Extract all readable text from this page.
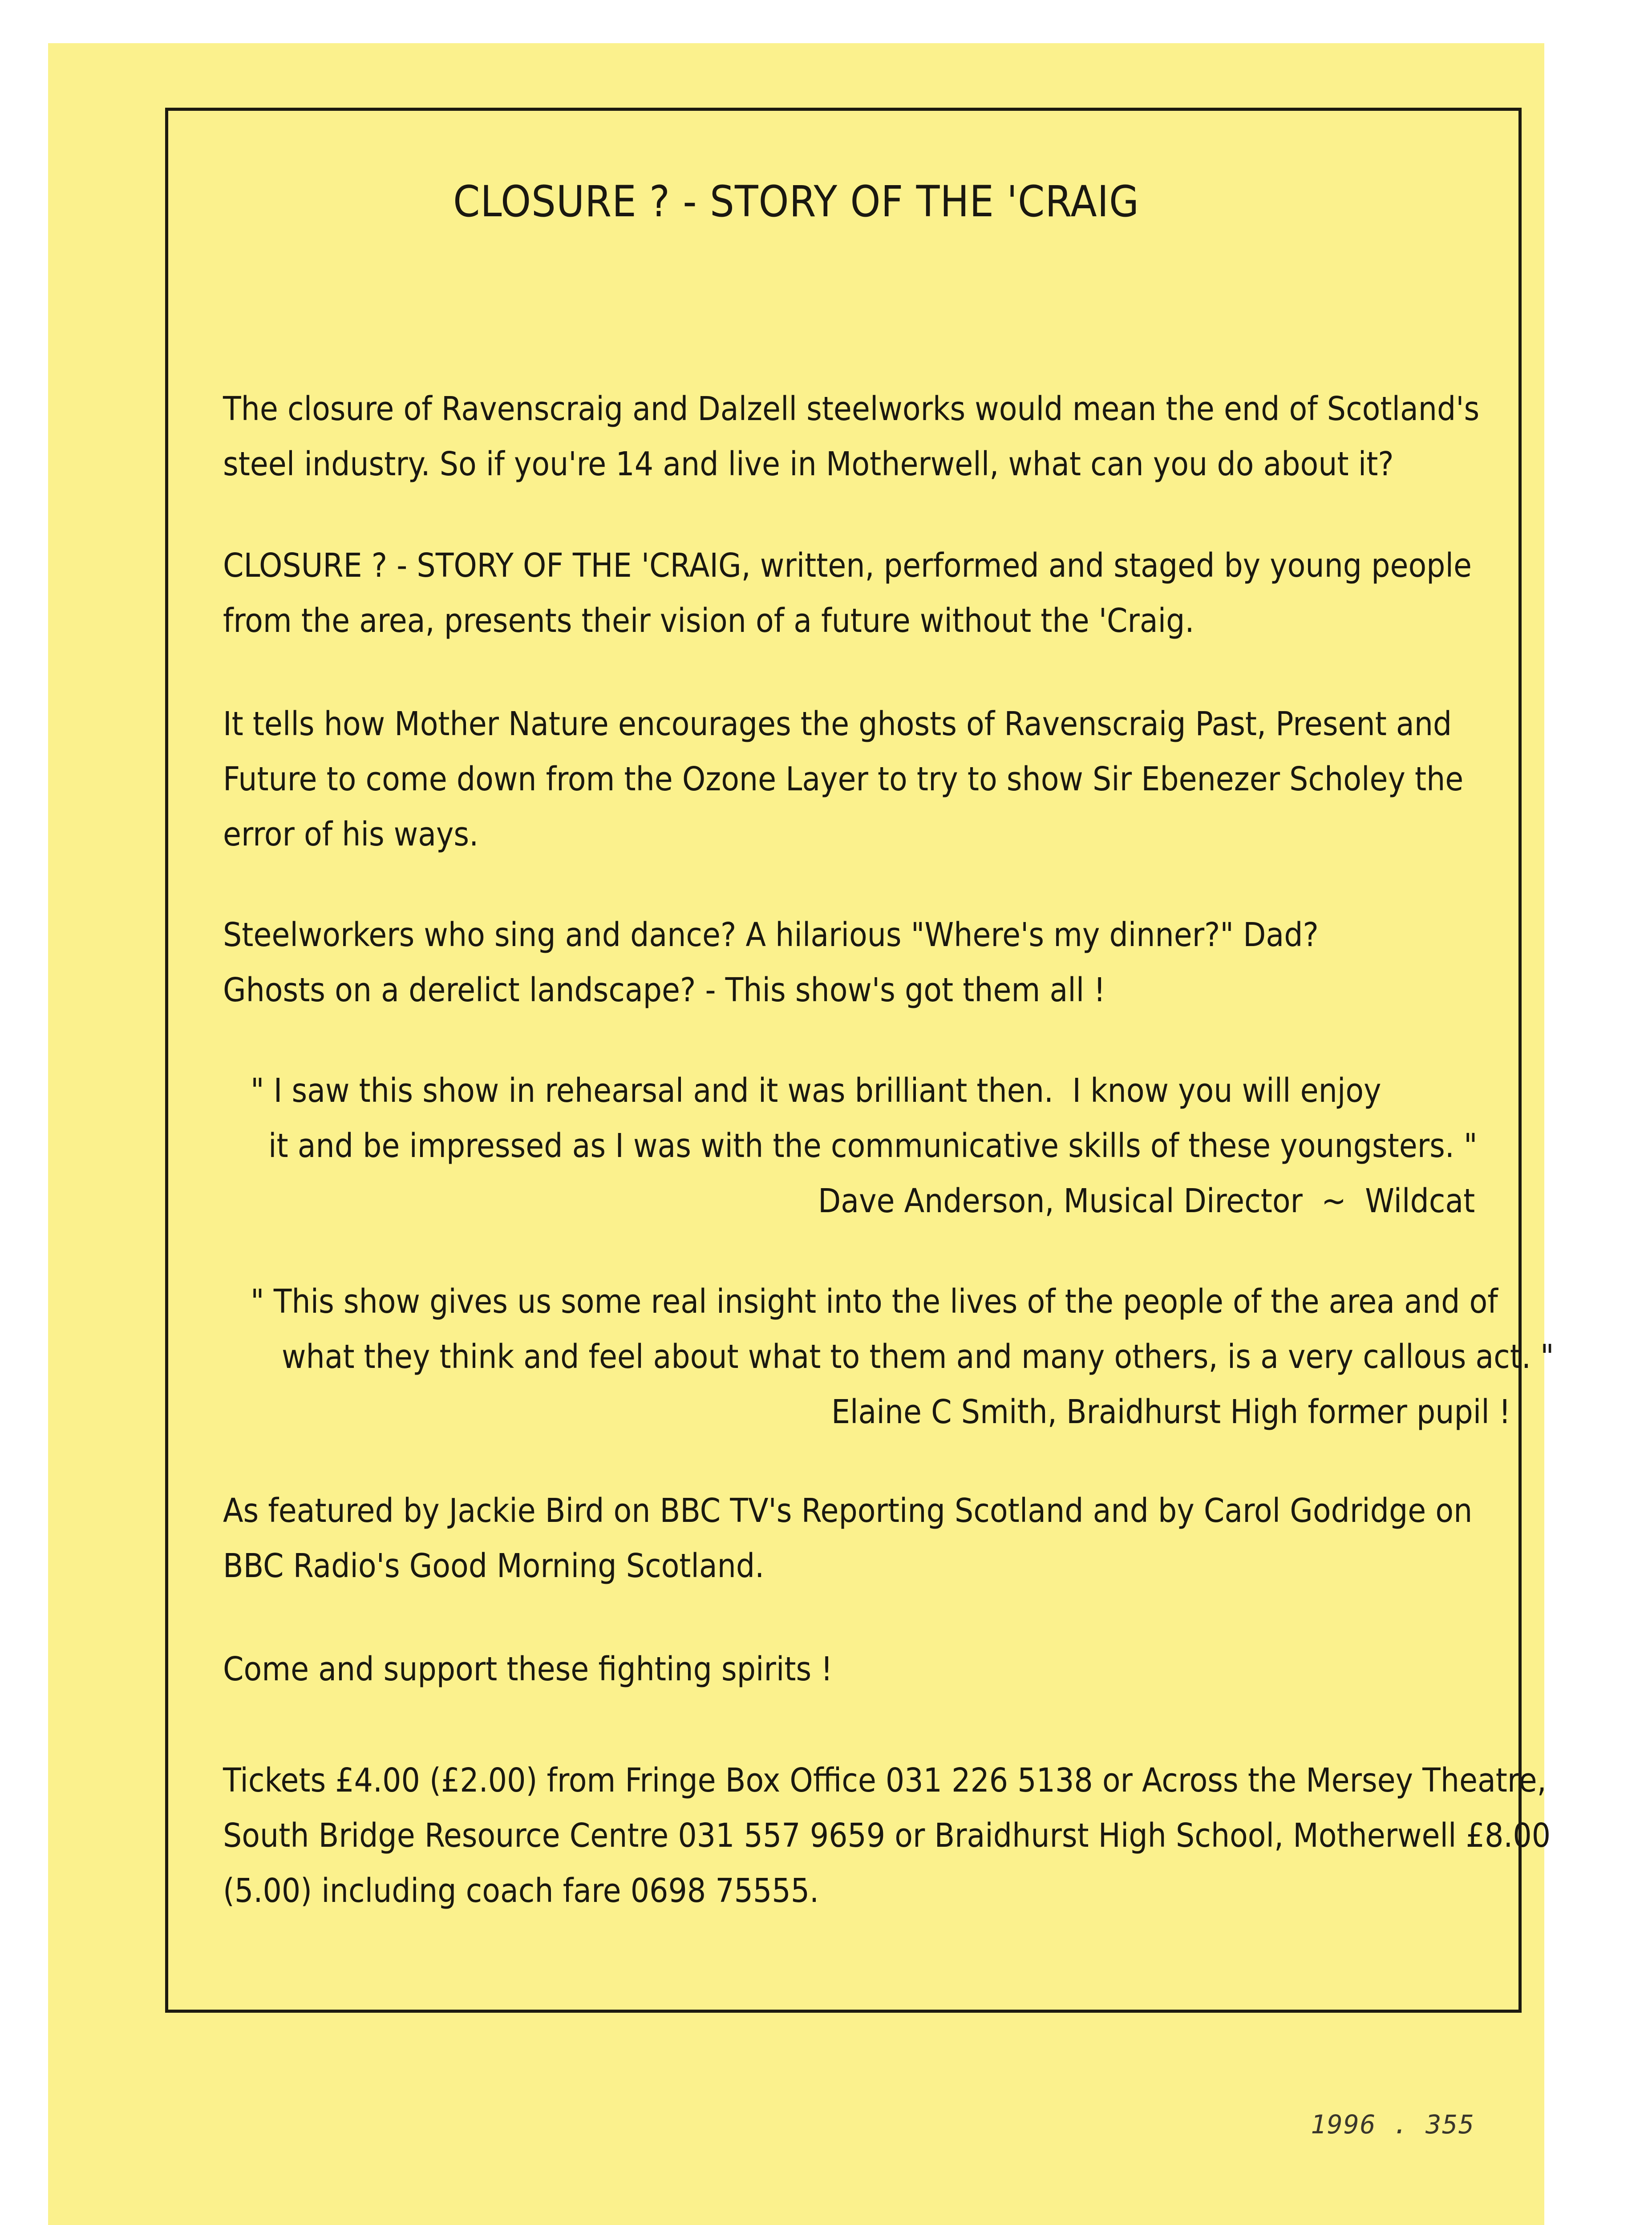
CLOSURE ? - STORY OF THE 'CRAIG
The closure of Ravenscraig and Dalzell steelworks would mean the end of Scotland's
steel industry. So if you're 14 and live in Motherwell, what can you do about it?
CLOSURE ? - STORY OF THE 'CRAIG, written, performed and staged by young people
from the area, presents their vision of a future without the 'Craig.
It tells how Mother Nature encourages the ghosts of Ravenscraig Past, Present and
Future to come down from the Ozone Layer to try to show Sir Ebenezer Scholey the
error of his ways.
Steelworkers who sing and dance? A hilarious "Where's my dinner?" Dad?
Ghosts on a derelict landscape? - This show's got them all !
" I saw this show in rehearsal and it was brilliant then.  I know you will enjoy
it and be impressed as I was with the communicative skills of these youngsters. "
Dave Anderson, Musical Director  ~  Wildcat
" This show gives us some real insight into the lives of the people of the area and of
what they think and feel about what to them and many others, is a very callous act. "
Elaine C Smith, Braidhurst High former pupil !
As featured by Jackie Bird on BBC TV's Reporting Scotland and by Carol Godridge on
BBC Radio's Good Morning Scotland.
Come and support these fighting spirits !
Tickets £4.00 (£2.00) from Fringe Box Office 031 226 5138 or Across the Mersey Theatre,
South Bridge Resource Centre 031 557 9659 or Braidhurst High School, Motherwell £8.00
(5.00) including coach fare 0698 75555.
1996 . 355
